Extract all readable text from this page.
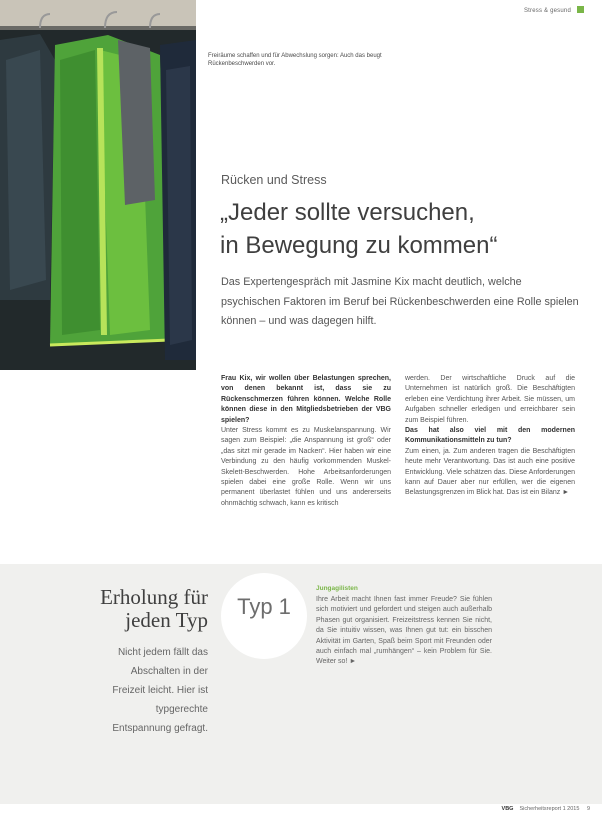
Stress & gesund
Freiräume schaffen und für Abwechslung sorgen: Auch das beugt Rückenbeschwerden vor.
Rücken und Stress
„Jeder sollte versuchen,
in Bewegung zu kommen“

Das Expertengespräch mit Jasmine Kix macht deutlich, welche psychischen Faktoren im Beruf bei Rückenbeschwerden eine Rolle spielen können – und was dagegen hilft.

Frau Kix, wir wollen über Belastungen sprechen, von denen bekannt ist, dass sie zu Rückenschmerzen führen können. Welche Rolle können diese in den Mitgliedsbetrieben der VBG spielen?

Unter Stress kommt es zu Muskelanspannung. Wir sagen zum Beispiel: „die Anspannung ist groß“ oder „das sitzt mir gerade im Nacken“. Hier haben wir eine Verbindung zu den häufig vorkommenden Muskel-Skelett-Beschwerden. Hohe Arbeitsanforderungen spielen dabei eine große Rolle. Wenn wir uns permanent überlastet fühlen und uns andererseits ohnmächtig schwach, kann es kritisch

werden. Der wirtschaftliche Druck auf die Unternehmen ist natürlich groß. Die Beschäftigten erleben eine Verdichtung ihrer Arbeit. Sie müssen, um Aufgaben schneller erledigen und erreichbarer sein zum Beispiel führen.

Das hat also viel mit den modernen Kommunikationsmitteln zu tun?

Zum einen, ja. Zum anderen tragen die Beschäftigten heute mehr Verantwortung. Das ist auch eine positive Entwicklung. Viele schätzen das. Diese Anforderungen kann auf Dauer aber nur erfüllen, wer die eigenen Belastungsgrenzen im Blick hat. Das ist ein Bilanz ►

Erholung für
jeden Typ

Nicht jedem fällt das Abschalten in der Freizeit leicht. Hier ist typgerechte Entspannung gefragt.

Typ 1
Jungagilisten

Ihre Arbeit macht Ihnen fast immer Freude? Sie fühlen sich motiviert und gefordert und steigen auch außerhalb Phasen gut organisiert. Freizeitstress kennen Sie nicht, da Sie intuitiv wissen, was Ihnen gut tut: ein bisschen Aktivität im Garten, Spaß beim Sport mit Freunden oder auch einfach mal „rumhängen“ – kein Problem für Sie. Weiter so! ►

VBG Sicherheitsreport 1 2015 9
